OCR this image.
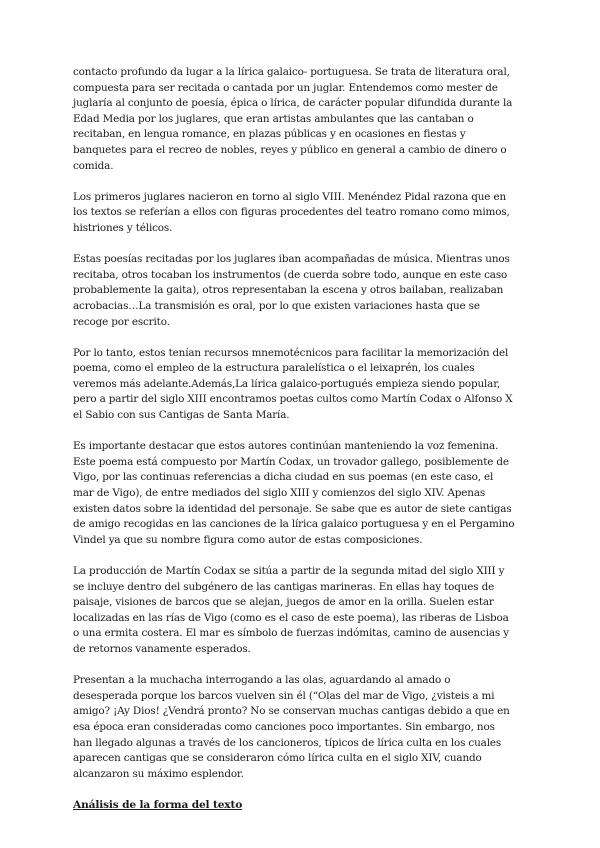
contacto profundo da lugar a la lírica galaico- portuguesa. Se trata de literatura oral, compuesta para ser recitada o cantada por un juglar. Entendemos como mester de juglaría al conjunto de poesía, épica o lírica, de carácter popular difundida durante la Edad Media por los juglares, que eran artistas ambulantes que las cantaban o recitaban, en lengua romance, en plazas públicas y en ocasiones en fiestas y banquetes para el recreo de nobles, reyes y público en general a cambio de dinero o comida.

Los primeros juglares nacieron en torno al siglo VIII. Menéndez Pidal razona que en los textos se referían a ellos con figuras procedentes del teatro romano como mimos, histriones y télicos.

Estas poesías recitadas por los juglares iban acompañadas de música. Mientras unos recitaba, otros tocaban los instrumentos (de cuerda sobre todo, aunque en este caso probablemente la gaita), otros representaban la escena y otros bailaban, realizaban acrobacias…La transmisión es oral, por lo que existen variaciones hasta que se recoge por escrito.

Por lo tanto, estos tenían recursos mnemotécnicos para facilitar la memorización del poema, como el empleo de la estructura paralelística o el leixaprén, los cuales veremos más adelante.Además,La lírica galaico-portugués empieza siendo popular, pero a partir del siglo XIII encontramos poetas cultos como Martín Codax o Alfonso X el Sabio con sus Cantigas de Santa María.

Es importante destacar que estos autores continúan manteniendo la voz femenina. Este poema está compuesto por Martín Codax, un trovador gallego, posiblemente de Vigo, por las continuas referencias a dicha ciudad en sus poemas (en este caso, el mar de Vigo), de entre mediados del siglo XIII y comienzos del siglo XIV. Apenas existen datos sobre la identidad del personaje. Se sabe que es autor de siete cantigas de amigo recogidas en las canciones de la lírica galaico portuguesa y en el Pergamino Vindel ya que su nombre figura como autor de estas composiciones.

La producción de Martín Codax se sitúa a partir de la segunda mitad del siglo XIII y se incluye dentro del subgénero de las cantigas marineras. En ellas hay toques de paisaje, visiones de barcos que se alejan, juegos de amor en la orilla. Suelen estar localizadas en las rías de Vigo (como es el caso de este poema), las riberas de Lisboa o una ermita costera. El mar es símbolo de fuerzas indómitas, camino de ausencias y de retornos vanamente esperados.

Presentan a la muchacha interrogando a las olas, aguardando al amado o desesperada porque los barcos vuelven sin él (“Olas del mar de Vigo, ¿visteis a mi amigo? ¡Ay Dios! ¿Vendrá pronto? No se conservan muchas cantigas debido a que en esa época eran consideradas como canciones poco importantes. Sin embargo, nos han llegado algunas a través de los cancioneros, típicos de lírica culta en los cuales aparecen cantigas que se consideraron cómo lírica culta en el siglo XIV, cuando alcanzaron su máximo esplendor.

Análisis de la forma del texto
